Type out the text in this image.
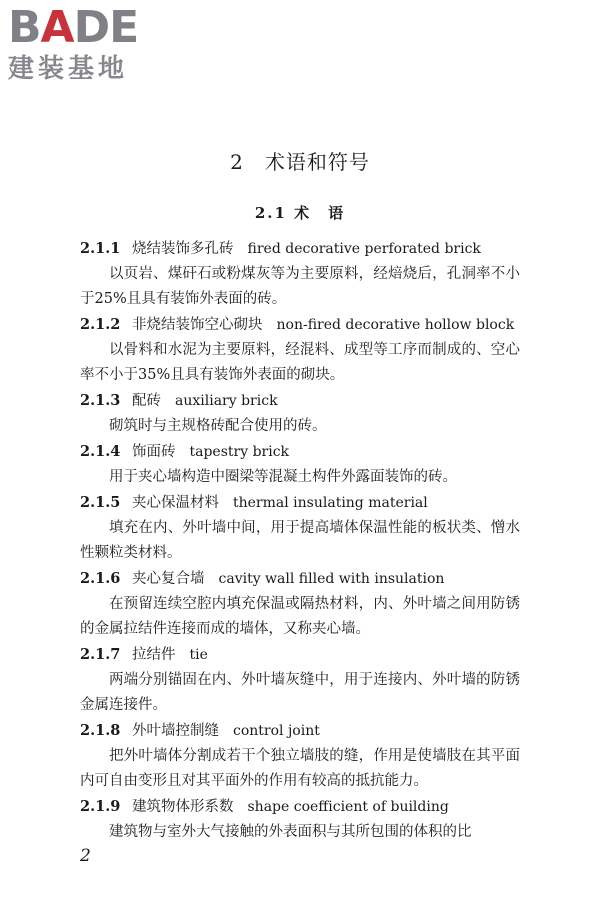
BADE
建装基地
2　术语和符号
2.1 术　语
2.1.1 烧结装饰多孔砖 fired decorative perforated brick

以页岩、煤矸石或粉煤灰等为主要原料，经焙烧后，孔洞率不小于25%且具有装饰外表面的砖。

2.1.2 非烧结装饰空心砌块 non-fired decorative hollow block

以骨料和水泥为主要原料，经混料、成型等工序而制成的、空心率不小于35%且具有装饰外表面的砌块。

2.1.3 配砖 auxiliary brick

砌筑时与主规格砖配合使用的砖。

2.1.4 饰面砖 tapestry brick

用于夹心墙构造中圈梁等混凝土构件外露面装饰的砖。

2.1.5 夹心保温材料 thermal insulating material

填充在内、外叶墙中间，用于提高墙体保温性能的板状类、憎水性颗粒类材料。

2.1.6 夹心复合墙 cavity wall filled with insulation

在预留连续空腔内填充保温或隔热材料，内、外叶墙之间用防锈的金属拉结件连接而成的墙体，又称夹心墙。

2.1.7 拉结件 tie

两端分别锚固在内、外叶墙灰缝中，用于连接内、外叶墙的防锈金属连接件。

2.1.8 外叶墙控制缝 control joint

把外叶墙体分割成若干个独立墙肢的缝，作用是使墙肢在其平面内可自由变形且对其平面外的作用有较高的抵抗能力。

2.1.9 建筑物体形系数 shape coefficient of building

建筑物与室外大气接触的外表面积与其所包围的体积的比

2
